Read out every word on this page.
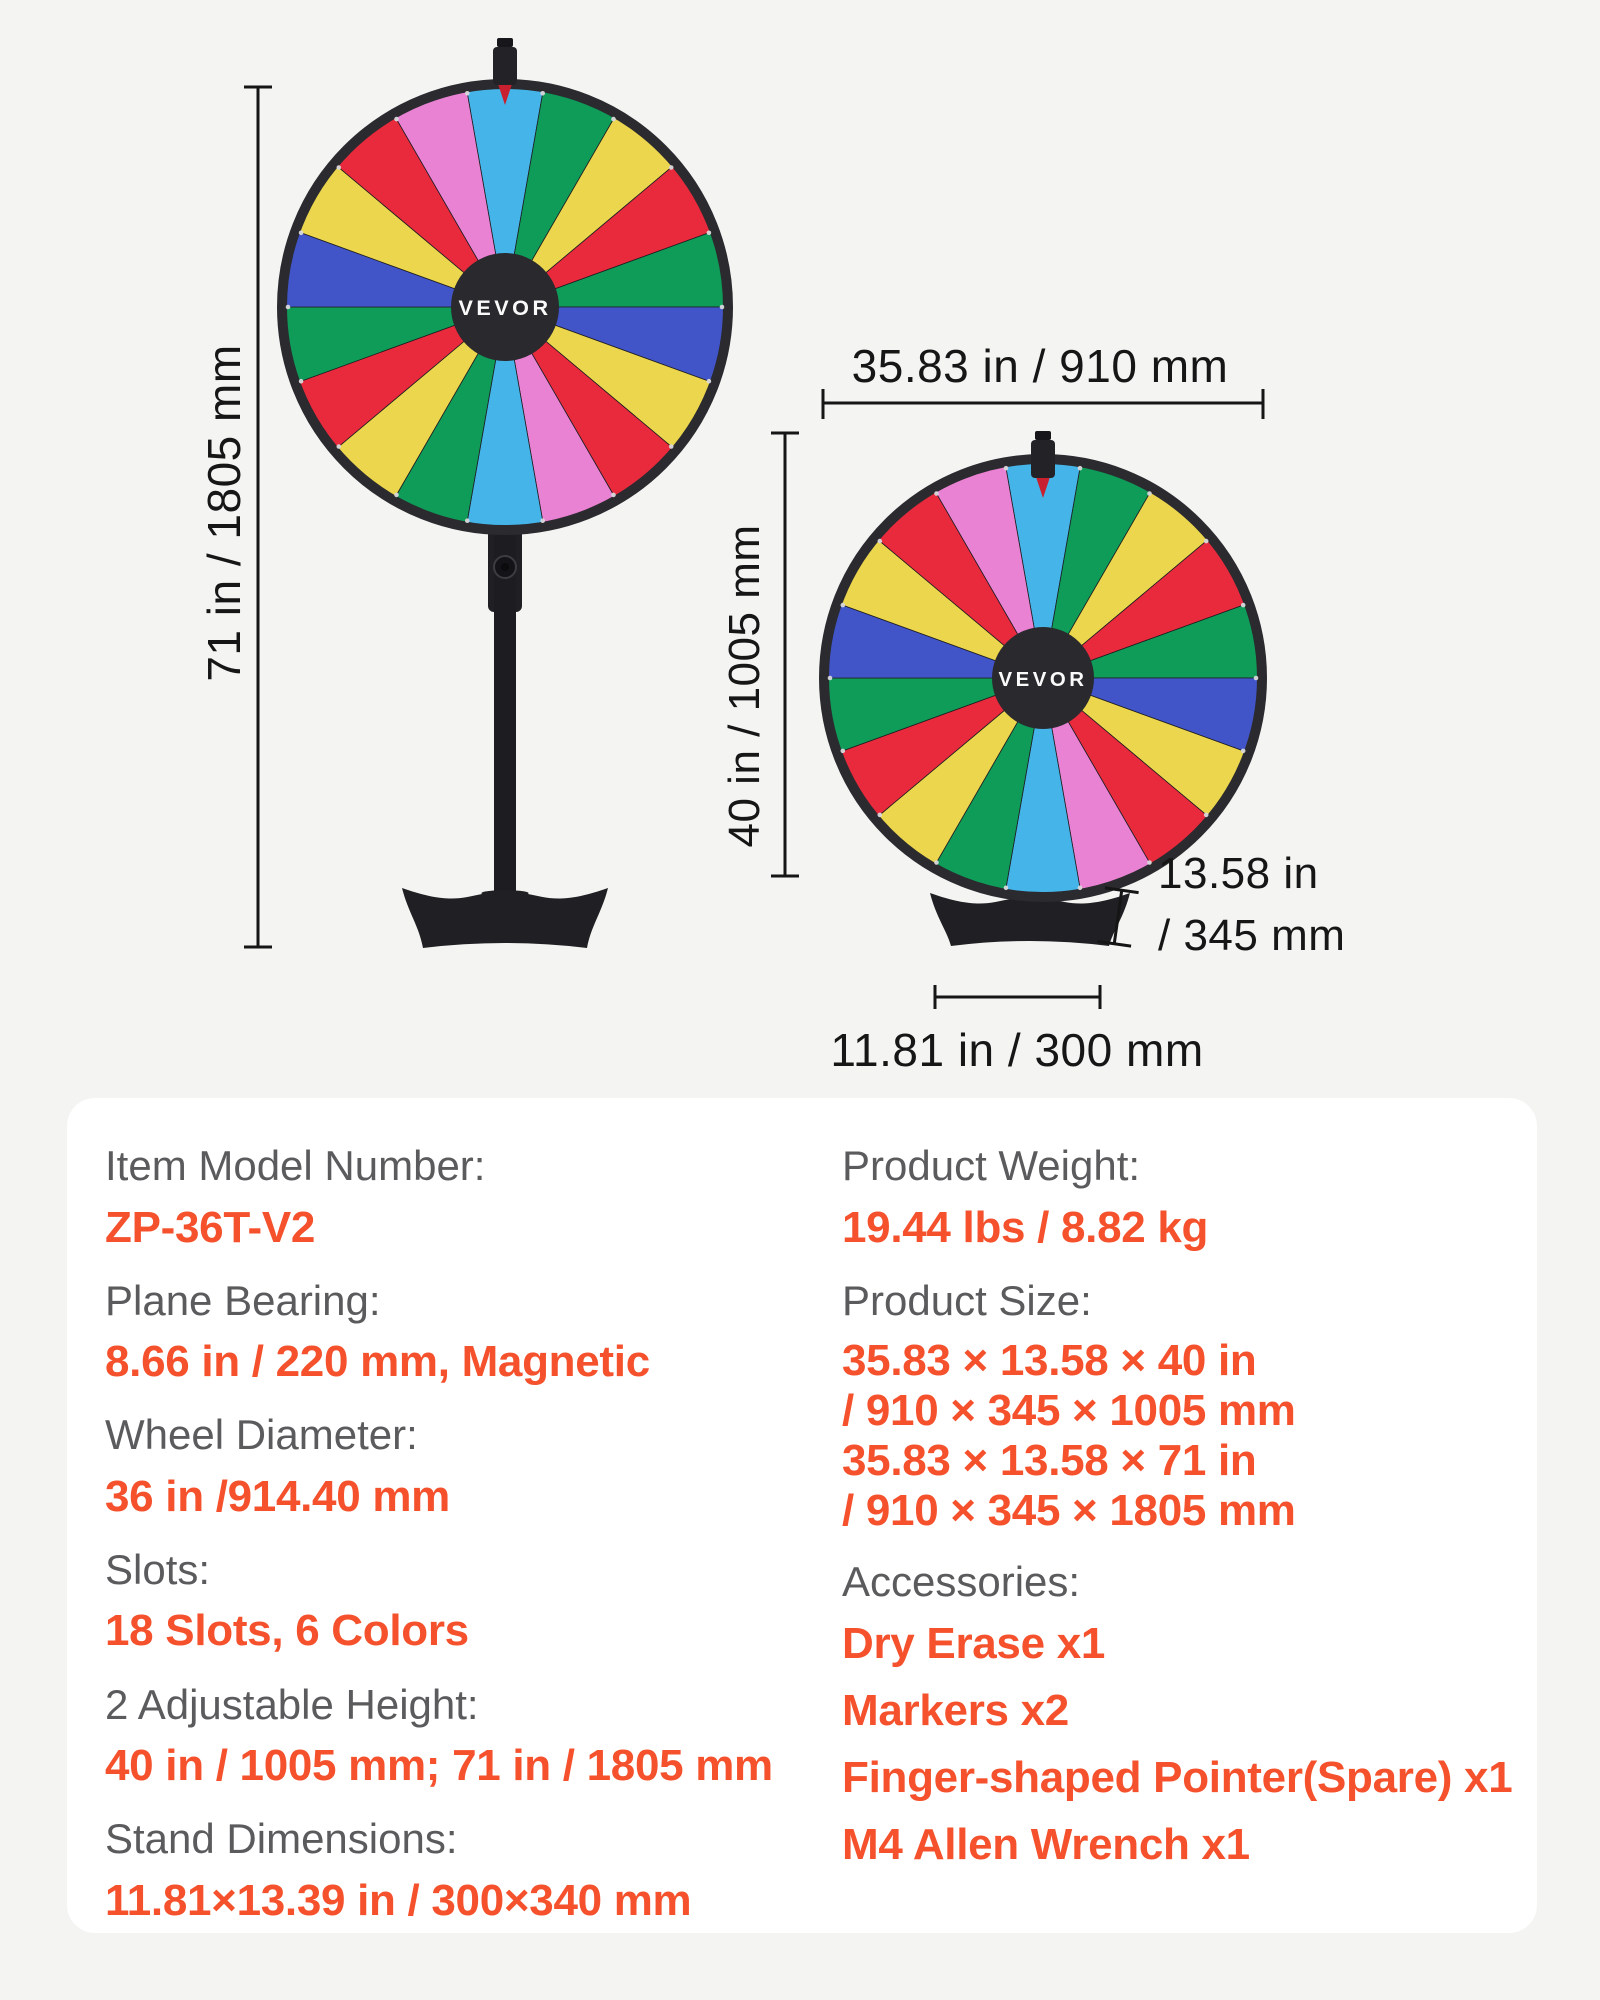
VEVOR
VEVOR
71 in / 1805 mm	35.83 in / 910 mm
40 in / 1005 mm
13.58 in
/ 345 mm
11.81 in / 300 mm
Item Model Number:
ZP-36T-V2
Plane Bearing:
8.66 in / 220 mm, Magnetic
Wheel Diameter:
36 in /914.40 mm
Slots:
18 Slots, 6 Colors
2 Adjustable Height:
40 in / 1005 mm; 71 in / 1805 mm
Stand Dimensions:
11.81×13.39 in / 300×340 mm
Product Weight:
19.44 lbs / 8.82 kg
Product Size:
35.83 × 13.58 × 40 in
/ 910 × 345 × 1005 mm
35.83 × 13.58 × 71 in
/ 910 × 345 × 1805 mm
Accessories:
Dry Erase x1
Markers x2
Finger-shaped Pointer(Spare) x1
M4 Allen Wrench x1
